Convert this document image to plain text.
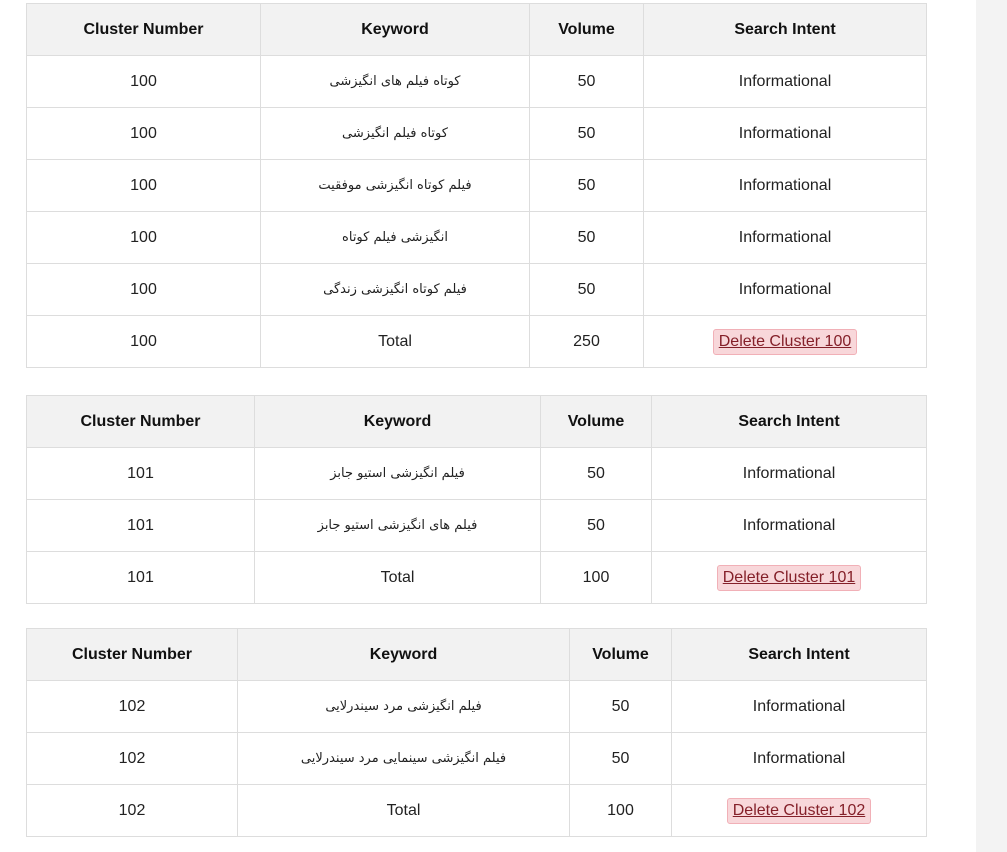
Cluster Number	Keyword	Volume	Search Intent
100	کوتاه فیلم های انگیزشی	50	Informational
100	کوتاه فیلم انگیزشی	50	Informational
100	فیلم کوتاه انگیزشی موفقیت	50	Informational
100	انگیزشی فیلم کوتاه	50	Informational
100	فیلم کوتاه انگیزشی زندگی	50	Informational
100	Total	250	Delete Cluster 100
Cluster Number	Keyword	Volume	Search Intent
101	فیلم انگیزشی استیو جابز	50	Informational
101	فیلم های انگیزشی استیو جابز	50	Informational
101	Total	100	Delete Cluster 101
Cluster Number	Keyword	Volume	Search Intent
102	فیلم انگیزشی مرد سیندرلایی	50	Informational
102	فیلم انگیزشی سینمایی مرد سیندرلایی	50	Informational
102	Total	100	Delete Cluster 102
